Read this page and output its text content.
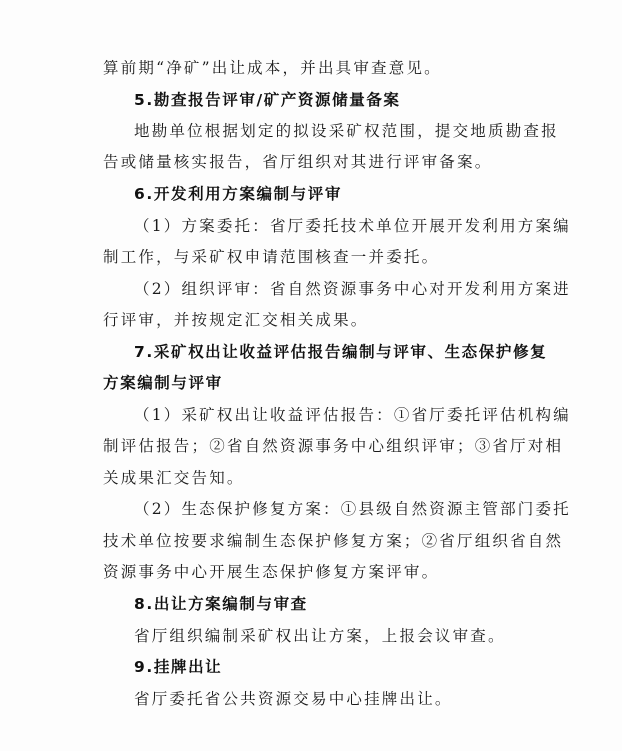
算前期“净矿”出让成本，并出具审查意见。
5.勘查报告评审/矿产资源储量备案
地勘单位根据划定的拟设采矿权范围，提交地质勘查报
告或储量核实报告，省厅组织对其进行评审备案。
6.开发利用方案编制与评审
（1）方案委托：省厅委托技术单位开展开发利用方案编
制工作，与采矿权申请范围核查一并委托。
（2）组织评审：省自然资源事务中心对开发利用方案进
行评审，并按规定汇交相关成果。
7.采矿权出让收益评估报告编制与评审、生态保护修复
方案编制与评审
（1）采矿权出让收益评估报告：①省厅委托评估机构编
制评估报告；②省自然资源事务中心组织评审；③省厅对相
关成果汇交告知。
（2）生态保护修复方案：①县级自然资源主管部门委托
技术单位按要求编制生态保护修复方案；②省厅组织省自然
资源事务中心开展生态保护修复方案评审。
8.出让方案编制与审查
省厅组织编制采矿权出让方案，上报会议审查。
9.挂牌出让
省厅委托省公共资源交易中心挂牌出让。
